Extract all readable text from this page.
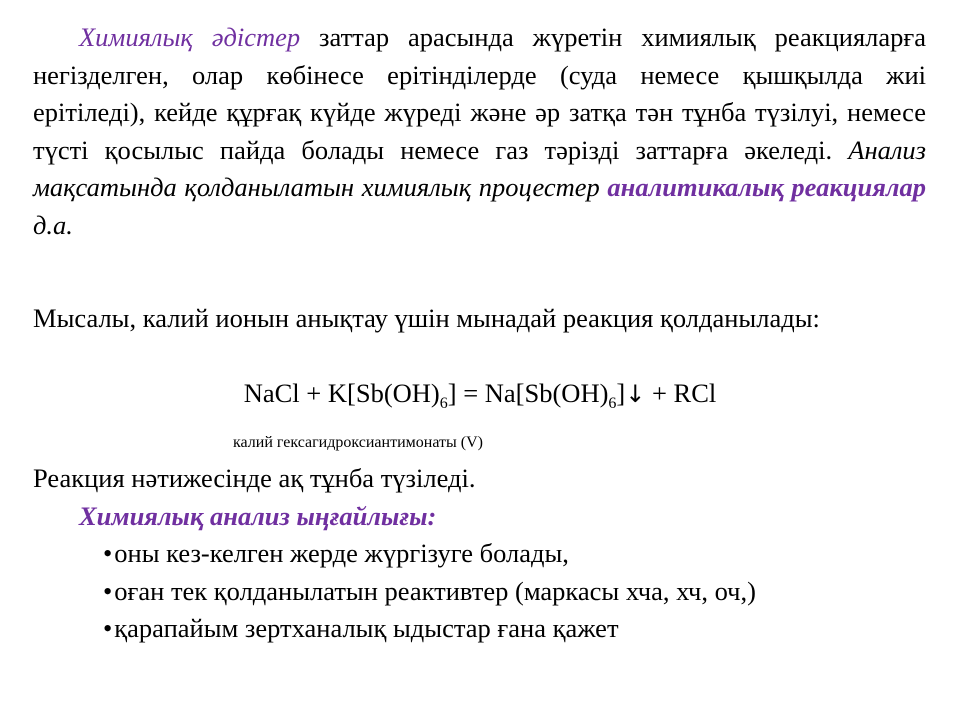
Химиялық әдістер заттар арасында жүретін химиялық реакцияларға негізделген, олар көбінесе ерітінділерде (суда немесе қышқылда жиі ерітіледі), кейде құрғақ күйде жүреді және әр затқа тән тұнба түзілуі, немесе түсті қосылыс пайда болады немесе газ тәрізді заттарға әкеледі. Анализ мақсатында қолданылатын химиялық процестер аналитикалық реакциялар д.а.
Мысалы, калий ионын анықтау үшін мынадай реакция қолданылады:
NaCl + $K[Sb(OH)_6]$ = $Na[Sb(OH)_6]↓$ + RCl
калий гексагидроксиантимонаты (V)
Реакция нәтижесінде ақ тұнба түзіледі.
Химиялық анализ ыңғайлығы:
•оны кез-келген жерде жүргізуге болады,
•оған тек қолданылатын реактивтер (маркасы хча, хч, оч,)
•қарапайым зертханалық ыдыстар ғана қажет
